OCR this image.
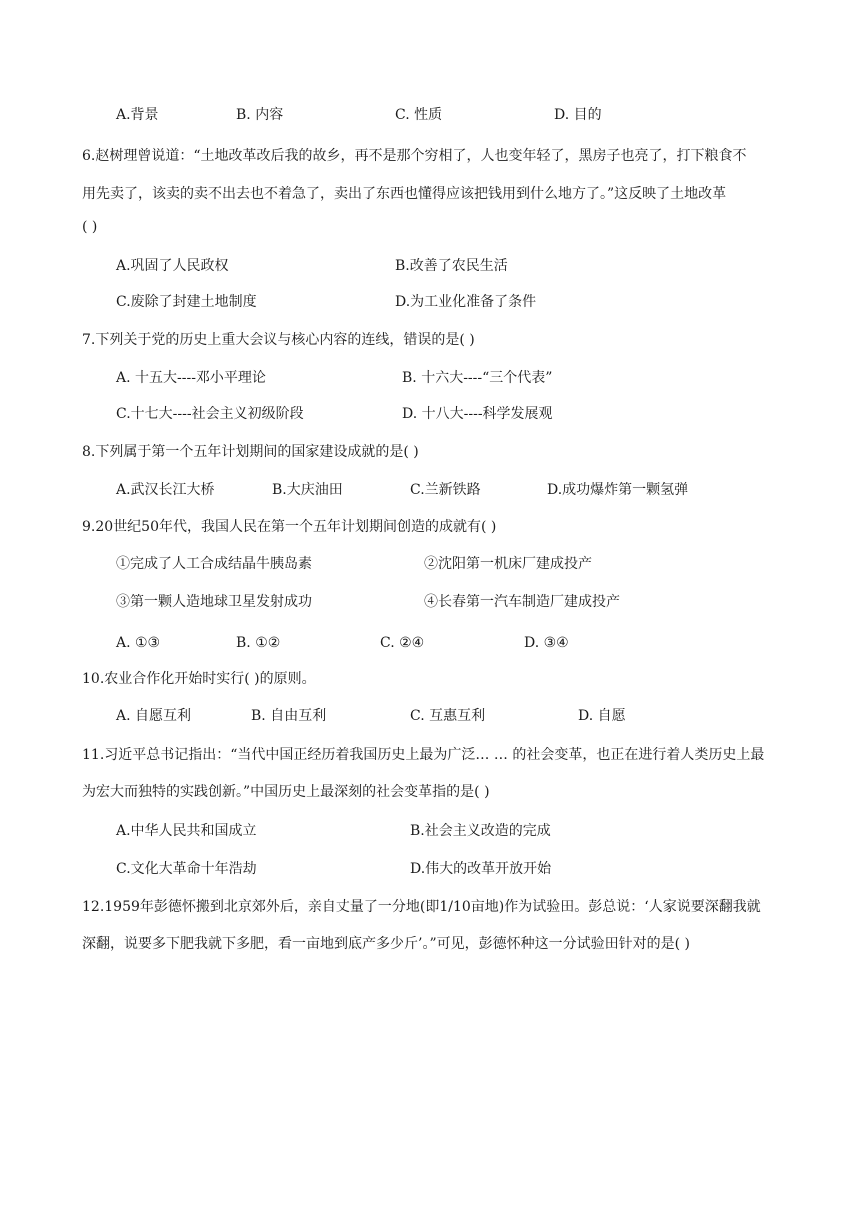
A.背景	B. 内容	C. 性质	D. 目的
6.赵树理曾说道：“土地改革改后我的故乡，再不是那个穷相了，人也变年轻了，黑房子也亮了，打下粮食不
用先卖了，该卖的卖不出去也不着急了，卖出了东西也懂得应该把钱用到什么地方了。”这反映了土地改革
( )
A.巩固了人民政权	B.改善了农民生活
C.废除了封建土地制度	D.为工业化准备了条件
7.下列关于党的历史上重大会议与核心内容的连线，错误的是( )
A. 十五大----邓小平理论	B. 十六大----“三个代表”
C.十七大----社会主义初级阶段	D. 十八大----科学发展观
8.下列属于第一个五年计划期间的国家建设成就的是( )
A.武汉长江大桥	B.大庆油田	C.兰新铁路	D.成功爆炸第一颗氢弹
9.20世纪50年代，我国人民在第一个五年计划期间创造的成就有( )
①完成了人工合成结晶牛胰岛素	②沈阳第一机床厂建成投产
③第一颗人造地球卫星发射成功	④长春第一汽车制造厂建成投产
A. ①③	B. ①②	C. ②④	D. ③④
10.农业合作化开始时实行( )的原则。
A. 自愿互利	B. 自由互利	C. 互惠互利	D. 自愿
11.习近平总书记指出：“当代中国正经历着我国历史上最为广泛… … 的社会变革，也正在进行着人类历史上最
为宏大而独特的实践创新。”中国历史上最深刻的社会变革指的是( )
A.中华人民共和国成立	B.社会主义改造的完成
C.文化大革命十年浩劫	D.伟大的改革开放开始
12.1959年彭德怀搬到北京郊外后，亲自丈量了一分地(即1/10亩地)作为试验田。彭总说：‘人家说要深翻我就
深翻，说要多下肥我就下多肥，看一亩地到底产多少斤’。”可见，彭德怀种这一分试验田针对的是( )
